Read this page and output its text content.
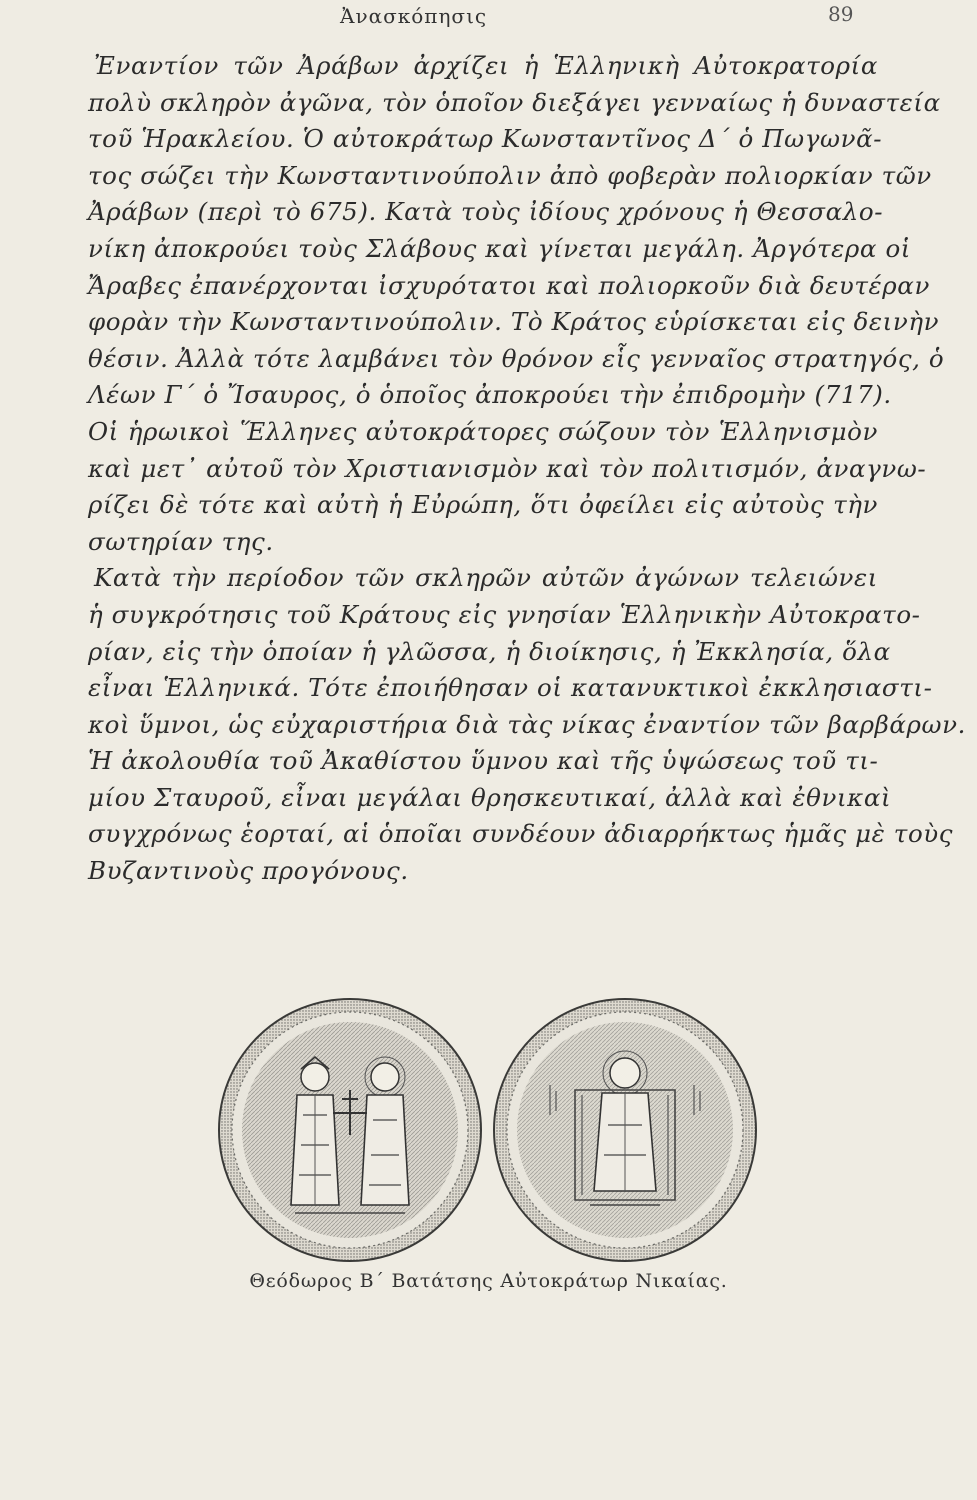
Ἀνασκόπησις	89
Ἐναντίον τῶν Ἀράβων ἀρχίζει ἡ Ἑλληνικὴ Αὐτοκρατορία
πολὺ σκληρὸν ἀγῶνα, τὸν ὁποῖον διεξάγει γενναίως ἡ δυναστεία
τοῦ Ἡρακλείου. Ὁ αὐτοκράτωρ Κωνσταντῖνος Δ΄ ὁ Πωγωνᾶ-
τος σώζει τὴν Κωνσταντινούπολιν ἀπὸ φοβερὰν πολιορκίαν τῶν
Ἀράβων (περὶ τὸ 675). Κατὰ τοὺς ἰδίους χρόνους ἡ Θεσσαλο-
νίκη ἀποκρούει τοὺς Σλάβους καὶ γίνεται μεγάλη. Ἀργότερα οἱ
Ἄραβες ἐπανέρχονται ἰσχυρότατοι καὶ πολιορκοῦν διὰ δευτέραν
φορὰν τὴν Κωνσταντινούπολιν. Τὸ Κράτος εὑρίσκεται εἰς δεινὴν
θέσιν. Ἀλλὰ τότε λαμβάνει τὸν θρόνον εἷς γενναῖος στρατηγός, ὁ
Λέων Γ΄ ὁ Ἴσαυρος, ὁ ὁποῖος ἀποκρούει τὴν ἐπιδρομὴν (717).
Οἱ ἡρωικοὶ Ἕλληνες αὐτοκράτορες σώζουν τὸν Ἑλληνισμὸν
καὶ μετ᾿ αὐτοῦ τὸν Χριστιανισμὸν καὶ τὸν πολιτισμόν, ἀναγνω-
ρίζει δὲ τότε καὶ αὐτὴ ἡ Εὐρώπη, ὅτι ὀφείλει εἰς αὐτοὺς τὴν
σωτηρίαν της.
Κατὰ τὴν περίοδον τῶν σκληρῶν αὐτῶν ἀγώνων τελειώνει
ἡ συγκρότησις τοῦ Κράτους εἰς γνησίαν Ἑλληνικὴν Αὐτοκρατο-
ρίαν, εἰς τὴν ὁποίαν ἡ γλῶσσα, ἡ διοίκησις, ἡ Ἐκκλησία, ὅλα
εἶναι Ἑλληνικά. Τότε ἐποιήθησαν οἱ κατανυκτικοὶ ἐκκλησιαστι-
κοὶ ὕμνοι, ὡς εὐχαριστήρια διὰ τὰς νίκας ἐναντίον τῶν βαρβάρων.
Ἡ ἀκολουθία τοῦ Ἀκαθίστου ὕμνου καὶ τῆς ὑψώσεως τοῦ τι-
μίου Σταυροῦ, εἶναι μεγάλαι θρησκευτικαί, ἀλλὰ καὶ ἐθνικαὶ
συγχρόνως ἑορταί, αἱ ὁποῖαι συνδέουν ἀδιαρρήκτως ἡμᾶς μὲ τοὺς
Βυζαντινοὺς προγόνους.
Θεόδωρος Β΄ Βατάτσης Αὐτοκράτωρ Νικαίας.
